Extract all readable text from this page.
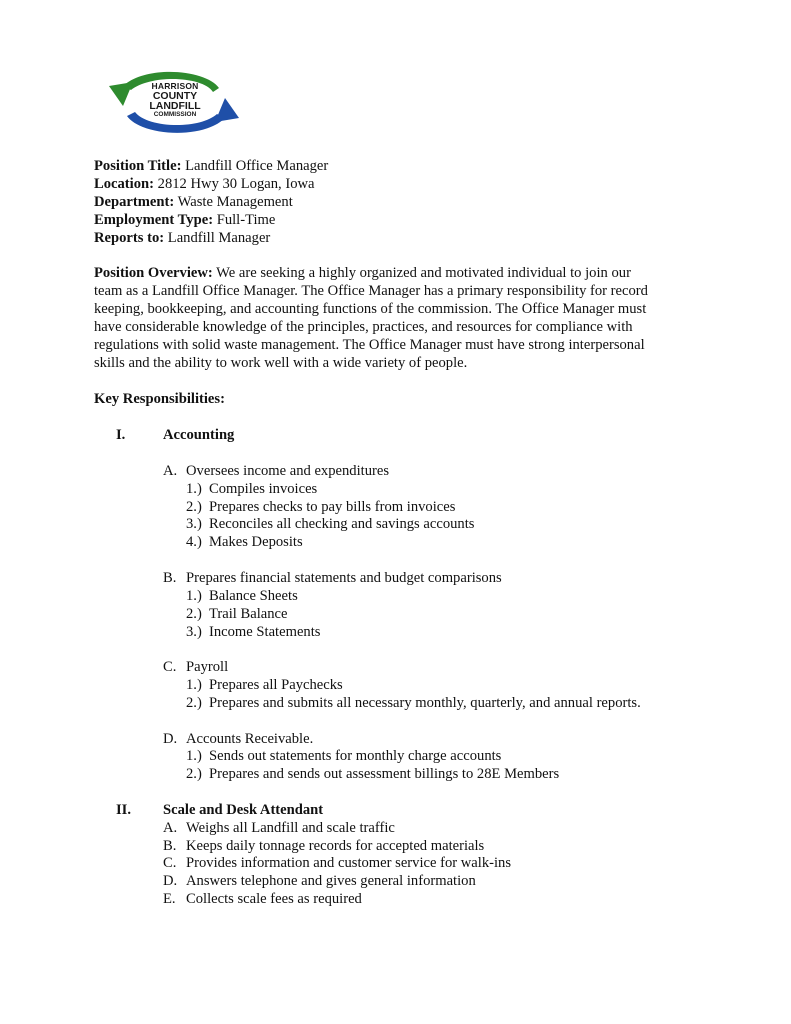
HARRISON
COUNTY
LANDFILL
COMMISSION
Position Title: Landfill Office Manager
Location: 2812 Hwy 30 Logan, Iowa
Department: Waste Management
Employment Type: Full-Time
Reports to: Landfill Manager

Position Overview: We are seeking a highly organized and motivated individual to join our

team as a Landfill Office Manager. The Office Manager has a primary responsibility for record

keeping, bookkeeping, and accounting functions of the commission. The Office Manager must

have considerable knowledge of the principles, practices, and resources for compliance with

regulations with solid waste management. The Office Manager must have strong interpersonal

skills and the ability to work well with a wide variety of people.

Key Responsibilities:
I.	Accounting
A. Oversees income and expenditures
1.) Compiles invoices
2.) Prepares checks to pay bills from invoices
3.) Reconciles all checking and savings accounts
4.) Makes Deposits
B. Prepares financial statements and budget comparisons
1.) Balance Sheets
2.) Trail Balance
3.) Income Statements
C. Payroll
1.) Prepares all Paychecks
2.) Prepares and submits all necessary monthly, quarterly, and annual reports.
D. Accounts Receivable.
1.) Sends out statements for monthly charge accounts
2.) Prepares and sends out assessment billings to 28E Members
II. Scale and Desk Attendant
A. Weighs all Landfill and scale traffic
B. Keeps daily tonnage records for accepted materials
C. Provides information and customer service for walk-ins
D. Answers telephone and gives general information
E. Collects scale fees as required
